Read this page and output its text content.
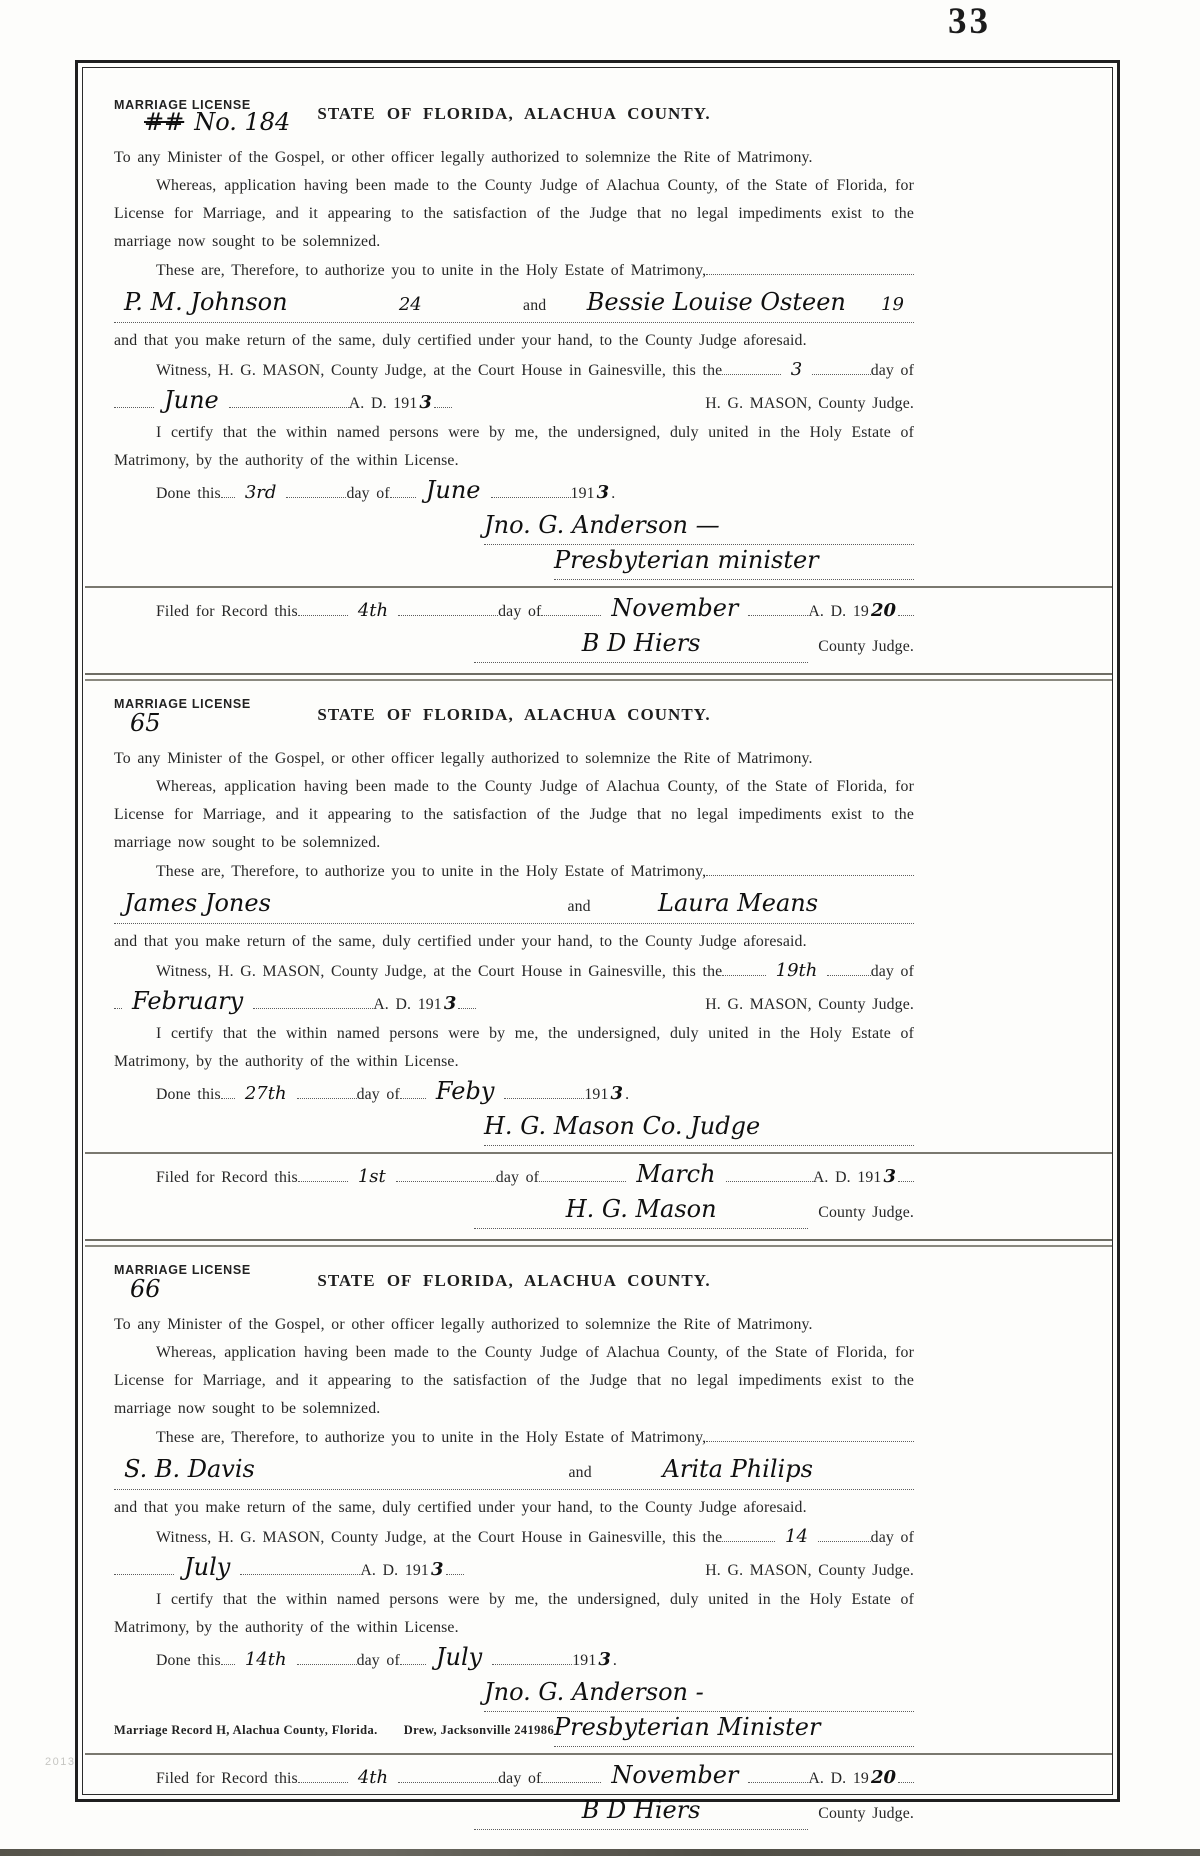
33
MARRIAGE LICENSE
## No. 184	STATE OF FLORIDA, ALACHUA COUNTY.

To any Minister of the Gospel, or other officer legally authorized to solemnize the Rite of Matrimony.

Whereas, application having been made to the County Judge of Alachua County, of the State of Florida, for License for Marriage, and it appearing to the satisfaction of the Judge that no legal impediments exist to the marriage now sought to be solemnized.

These are, Therefore, to authorize you to unite in the Holy Estate of Matrimony,
P. M. Johnson	24	and	Bessie Louise Osteen	19

and that you make return of the same, duly certified under your hand, to the County Judge aforesaid.

Witness, H. G. MASON, County Judge, at the Court House in Gainesville, this the	3	day of
June	A. D. 191 3	H. G. MASON, County Judge.

I certify that the within named persons were by me, the undersigned, duly united in the Holy Estate of Matrimony, by the authority of the within License.

Done this	3rd	day of	June	191 3 .
Jno. G. Anderson —
Presbyterian minister
Filed for Record this	4th	day of	November	A. D. 19 20
B D Hiers	County Judge.
MARRIAGE LICENSE
65	STATE OF FLORIDA, ALACHUA COUNTY.

To any Minister of the Gospel, or other officer legally authorized to solemnize the Rite of Matrimony.

Whereas, application having been made to the County Judge of Alachua County, of the State of Florida, for License for Marriage, and it appearing to the satisfaction of the Judge that no legal impediments exist to the marriage now sought to be solemnized.

These are, Therefore, to authorize you to unite in the Holy Estate of Matrimony,
James Jones	and	Laura Means

and that you make return of the same, duly certified under your hand, to the County Judge aforesaid.

Witness, H. G. MASON, County Judge, at the Court House in Gainesville, this the	19th	day of
February	A. D. 191 3	H. G. MASON, County Judge.

I certify that the within named persons were by me, the undersigned, duly united in the Holy Estate of Matrimony, by the authority of the within License.

Done this	27th	day of	Feby	191 3 .
H. G. Mason Co. Judge
Filed for Record this	1st	day of	March	A. D. 191 3
H. G. Mason	County Judge.
MARRIAGE LICENSE
66	STATE OF FLORIDA, ALACHUA COUNTY.

To any Minister of the Gospel, or other officer legally authorized to solemnize the Rite of Matrimony.

Whereas, application having been made to the County Judge of Alachua County, of the State of Florida, for License for Marriage, and it appearing to the satisfaction of the Judge that no legal impediments exist to the marriage now sought to be solemnized.

These are, Therefore, to authorize you to unite in the Holy Estate of Matrimony,
S. B. Davis	and	Arita Philips

and that you make return of the same, duly certified under your hand, to the County Judge aforesaid.

Witness, H. G. MASON, County Judge, at the Court House in Gainesville, this the	14	day of
July	A. D. 191 3	H. G. MASON, County Judge.

I certify that the within named persons were by me, the undersigned, duly united in the Holy Estate of Matrimony, by the authority of the within License.

Done this	14th	day of	July	191 3 .
Jno. G. Anderson -
Presbyterian Minister
Filed for Record this	4th	day of	November	A. D. 19 20
B D Hiers	County Judge.
Marriage Record H, Alachua County, Florida. Drew, Jacksonville 241986
2013
